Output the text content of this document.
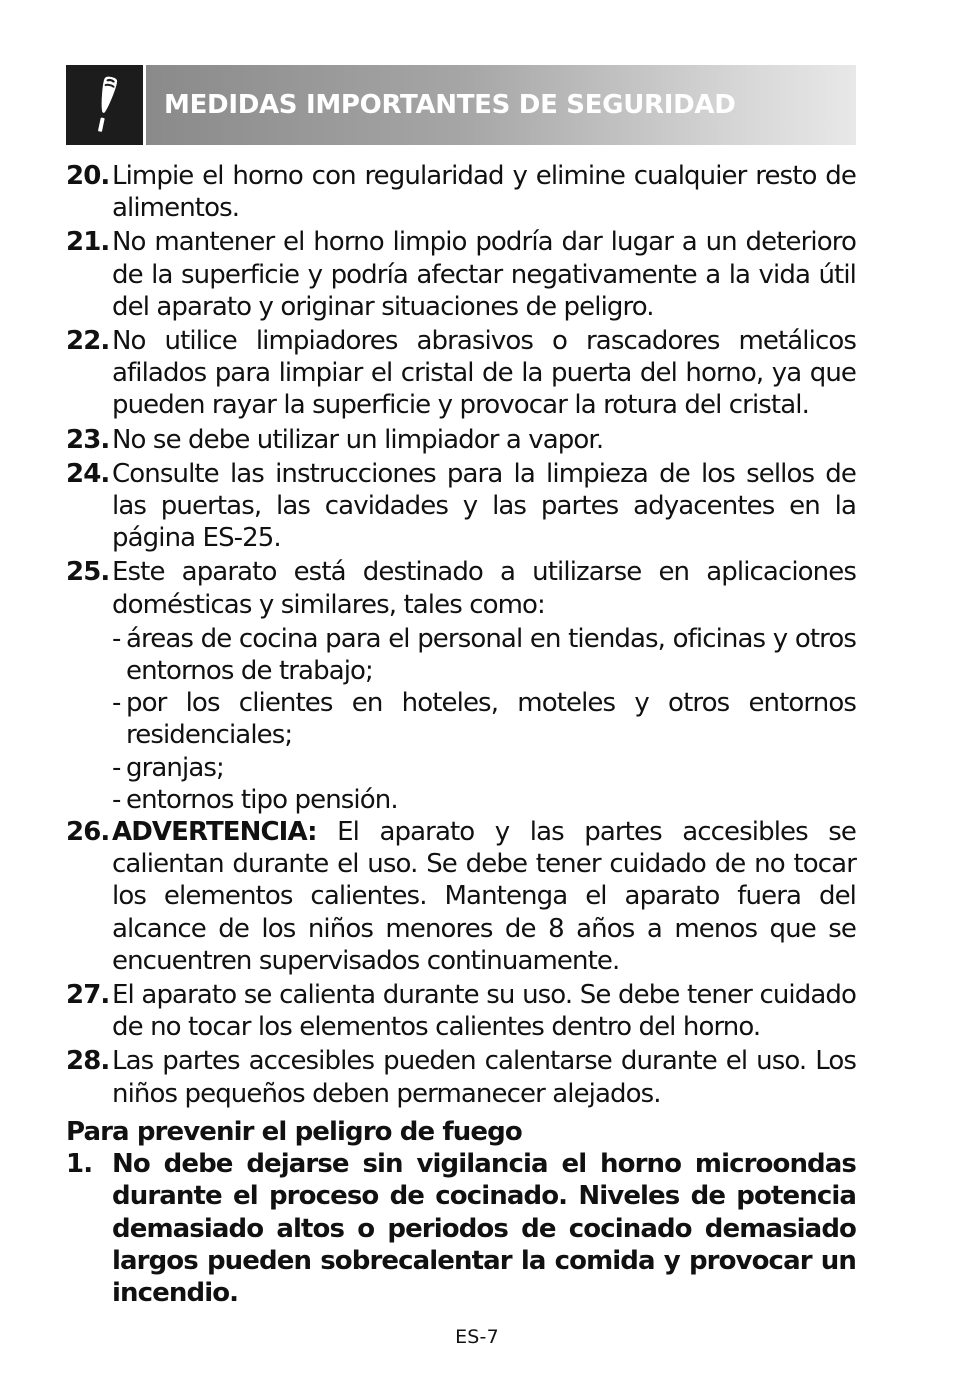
MEDIDAS IMPORTANTES DE SEGURIDAD
20. Limpie el horno con regularidad y elimine cualquier resto de alimentos.
21. No mantener el horno limpio podría dar lugar a un deterioro de la superficie y podría afectar negativamente a la vida útil del aparato y originar situaciones de peligro.
22. No utilice limpiadores abrasivos o rascadores metálicos afilados para limpiar el cristal de la puerta del horno, ya que pueden rayar la superficie y provocar la rotura del cristal.
23. No se debe utilizar un limpiador a vapor.
24. Consulte las instrucciones para la limpieza de los sellos de las puertas, las cavidades y las partes adyacentes en la página ES-25.
25. Este aparato está destinado a utilizarse en aplicaciones domésticas y similares, tales como:
- áreas de cocina para el personal en tiendas, oficinas y otros entornos de trabajo;
- por los clientes en hoteles, moteles y otros entornos residenciales;
- granjas;
- entornos tipo pensión.
26. ADVERTENCIA: El aparato y las partes accesibles se calientan durante el uso. Se debe tener cuidado de no tocar los elementos calientes. Mantenga el aparato fuera del alcance de los niños menores de 8 años a menos que se encuentren supervisados continuamente.
27. El aparato se calienta durante su uso. Se debe tener cuidado de no tocar los elementos calientes dentro del horno.
28. Las partes accesibles pueden calentarse durante el uso. Los niños pequeños deben permanecer alejados.
Para prevenir el peligro de fuego
1. No debe dejarse sin vigilancia el horno microondas durante el proceso de cocinado. Niveles de potencia demasiado altos o periodos de cocinado demasiado largos pueden sobrecalentar la comida y provocar un incendio.
ES-7
